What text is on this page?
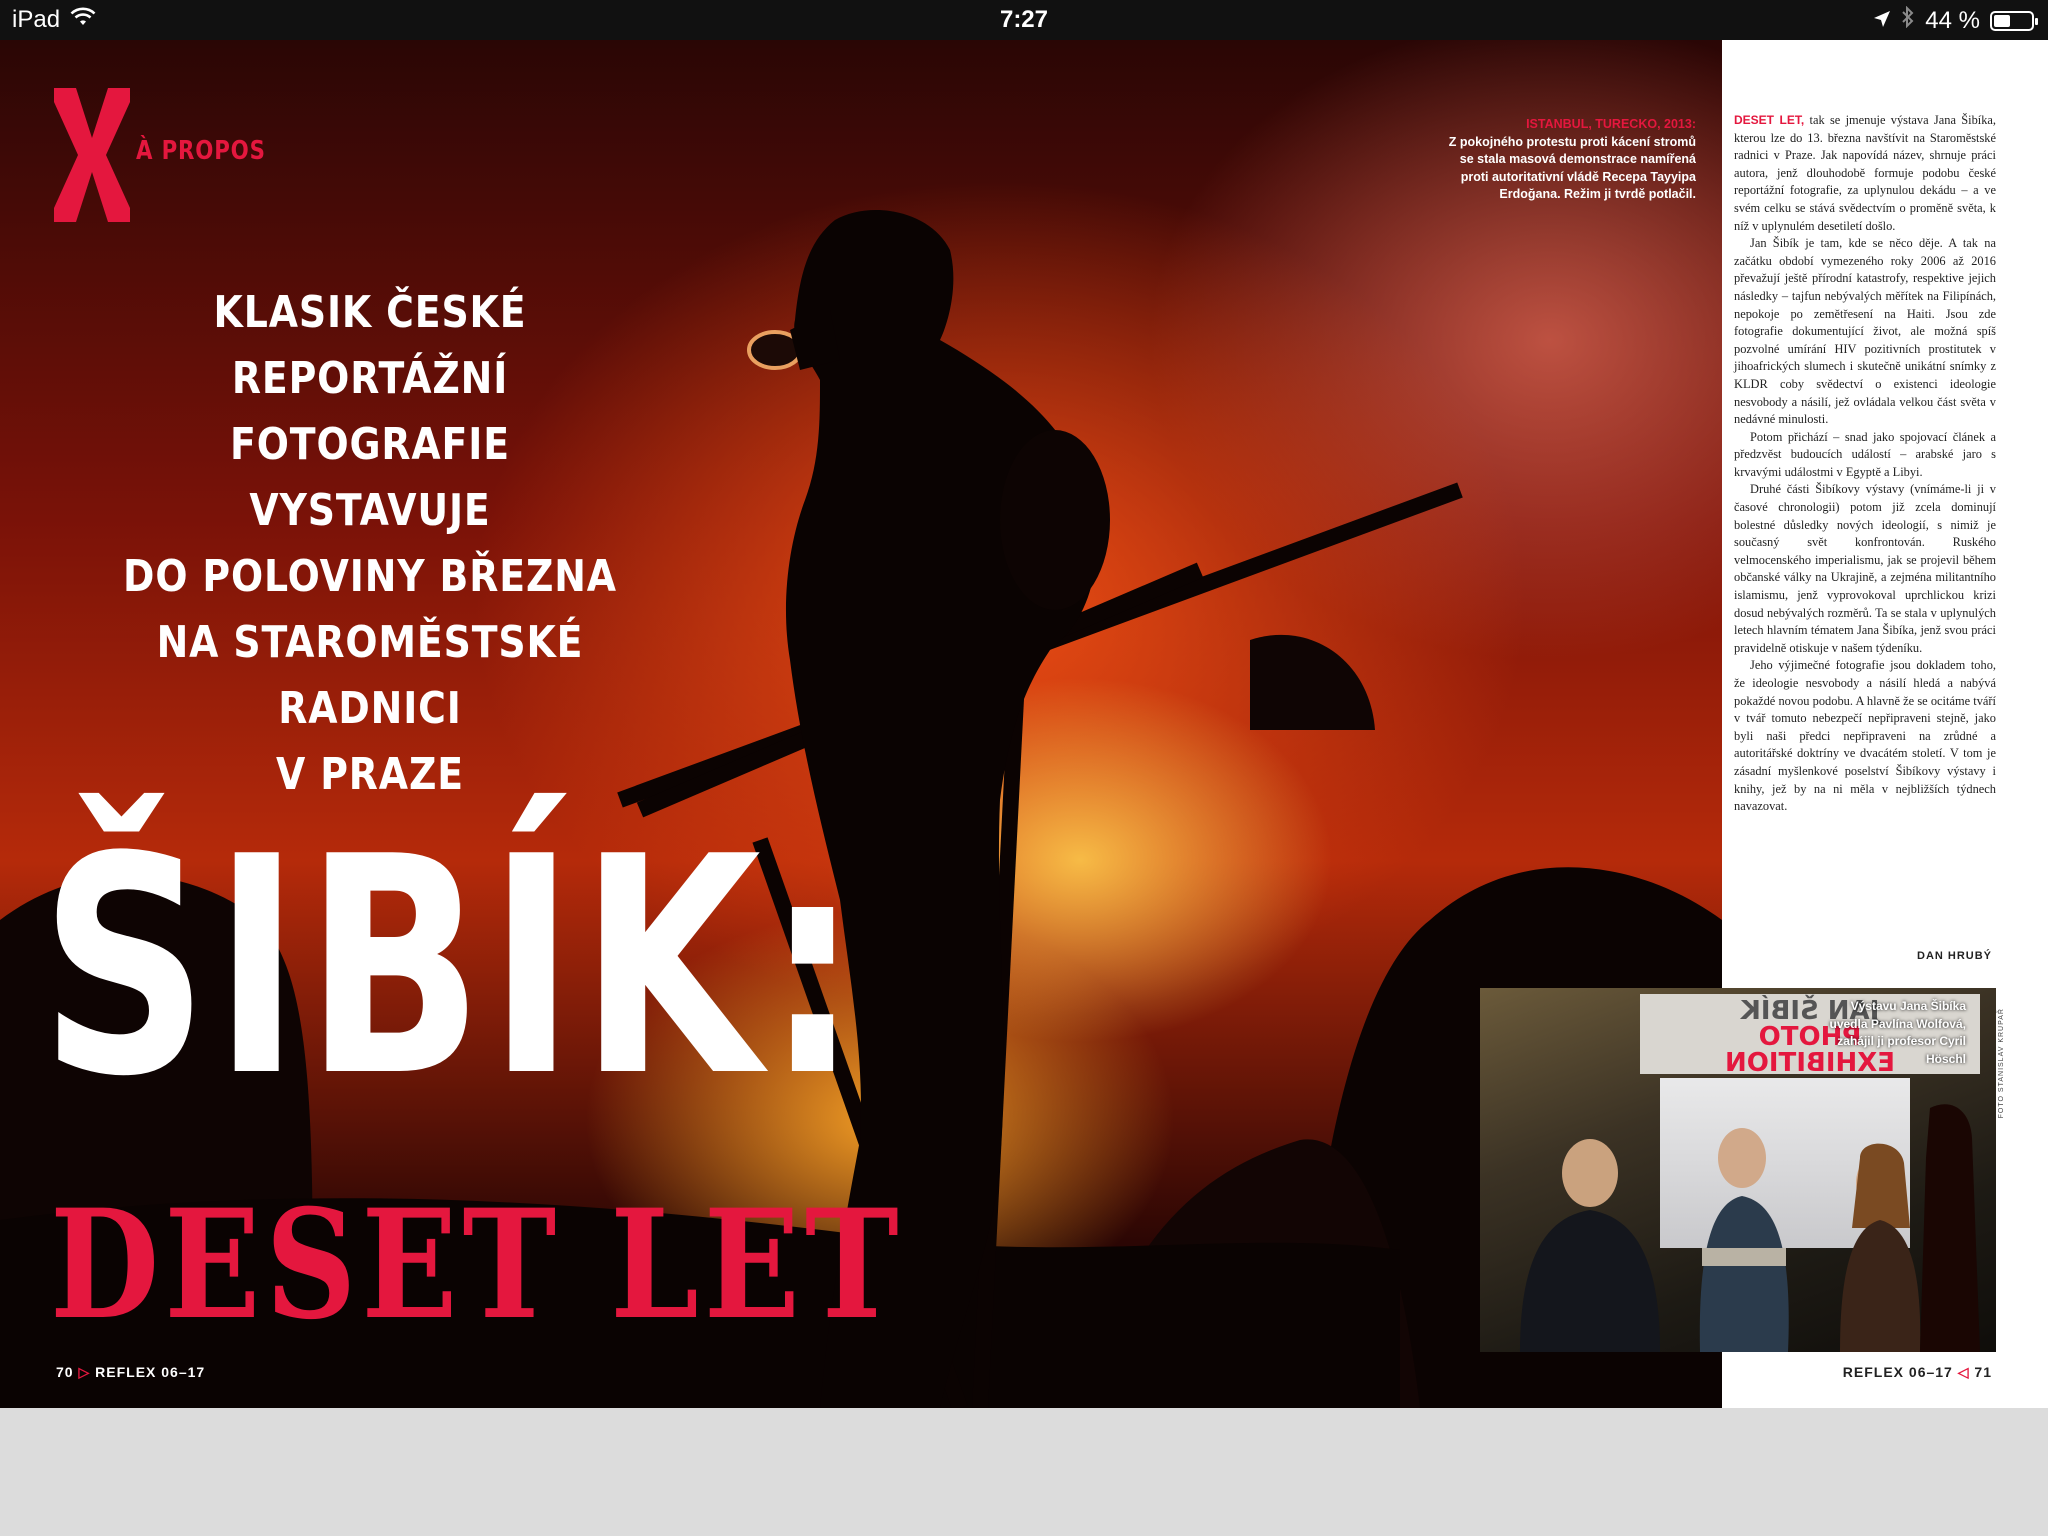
iPad	7:27	44 %
À PROPOS
KLASIK ČESKÉ REPORTÁŽNÍ
FOTOGRAFIE VYSTAVUJE
DO POLOVINY BŘEZNA
NA STAROMĚSTSKÉ RADNICI
V PRAZE
ISTANBUL, TURECKO, 2013:
Z pokojného protestu proti kácení stromů se stala masová demonstrace namířená proti autoritativní vládě Recepa Tayyipa Erdoğana. Režim ji tvrdě potlačil.
ŠIBÍK:
DESET LET
70 ▷ REFLEX 06–17

DESET LET, tak se jmenuje výstava Jana Šibíka, kterou lze do 13. března navštívit na Staroměstské radnici v Praze. Jak napovídá název, shrnuje práci autora, jenž dlouhodobě formuje podobu české reportážní fotografie, za uplynulou dekádu – a ve svém celku se stává svědectvím o proměně světa, k níž v uplynulém desetiletí došlo.

Jan Šibík je tam, kde se něco děje. A tak na začátku období vymezeného roky 2006 až 2016 převažují ještě přírodní katastrofy, respektive jejich následky – tajfun nebývalých měřítek na Filipínách, nepokoje po zemětřesení na Haiti. Jsou zde fotografie dokumentující život, ale možná spíš pozvolné umírání HIV pozitivních prostitutek v jihoafrických slumech i skutečně unikátní snímky z KLDR coby svědectví o existenci ideologie nesvobody a násilí, jež ovládala velkou část světa v nedávné minulosti.

Potom přichází – snad jako spojovací článek a předzvěst budoucích událostí – arabské jaro s krvavými událostmi v Egyptě a Libyi.

Druhé části Šibíkovy výstavy (vnímáme-li ji v časové chronologii) potom již zcela dominují bolestné důsledky nových ideologií, s nimiž je současný svět konfrontován. Ruského velmocenského imperialismu, jak se projevil během občanské války na Ukrajině, a zejména militantního islamismu, jenž vyprovokoval uprchlickou krizi dosud nebývalých rozměrů. Ta se stala v uplynulých letech hlavním tématem Jana Šibíka, jenž svou práci pravidelně otiskuje v našem týdeníku.

Jeho výjimečné fotografie jsou dokladem toho, že ideologie nesvobody a násilí hledá a nabývá pokaždé novou podobu. A hlavně že se ocitáme tváří v tvář tomuto nebezpečí nepřipraveni stejně, jako byli naši předci nepřipraveni na zrůdné a autoritářské doktríny ve dvacátém století. V tom je zásadní myšlenkové poselství Šibíkovy výstavy i knihy, jež by na ni měla v nejbližších týdnech navazovat.

DAN HRUBÝ
JAN ŠIBÍK
PHOTO
EXHIBITION
Výstavu Jana Šibíka uvedla Pavlína Wolfová, zahájil ji profesor Cyril Höschl	FOTO STANISLAV KRUPAŘ
REFLEX 06–17 ◁ 71
